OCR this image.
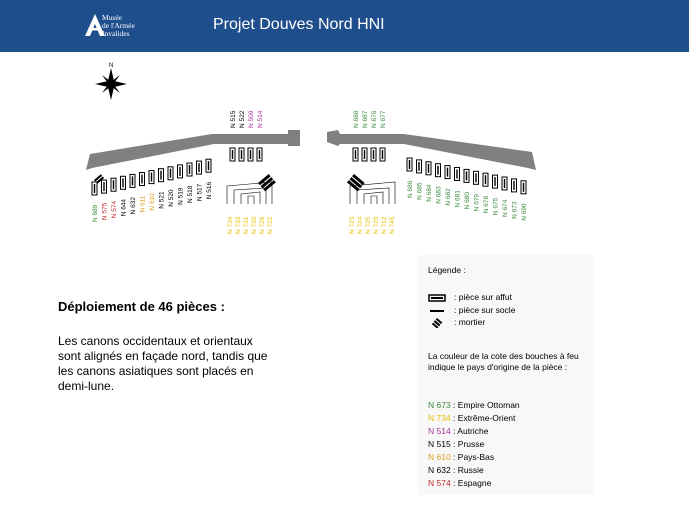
Musée
de l'Armée
Invalides
Projet Douves Nord HNI
N
N 515 N 522 N 509 N 514	N 688 N 687 N 676 N 677
N 689 N 575 N 574 N 644 N 632 N 611 N 610 N 521 N 520 N 519 N 518 N 517 N 516	N 686 N 685 N 684 N 683 N 682 N 681 N 680 N 679 N 678 N 675 N 674 N 673 N 690
N 734 N 733 N 731 N 730 N 726 N 722	N 723 N 724 N 725 N 720 N 712 N 745
Déploiement de 46 pièces :
Les canons occidentaux et orientaux sont alignés en façade nord, tandis que les canons asiatiques sont placés en demi-lune.
Légende :
: pièce sur affut
: pièce sur socle
: mortier
La couleur de la cote des bouches à feu indique le pays d'origine de la pièce :
N 673 : Empire Ottoman
N 734 : Extrême-Orient
N 514 : Autriche
N 515 : Prusse
N 610 : Pays-Bas
N 632 : Russie
N 574 : Espagne
